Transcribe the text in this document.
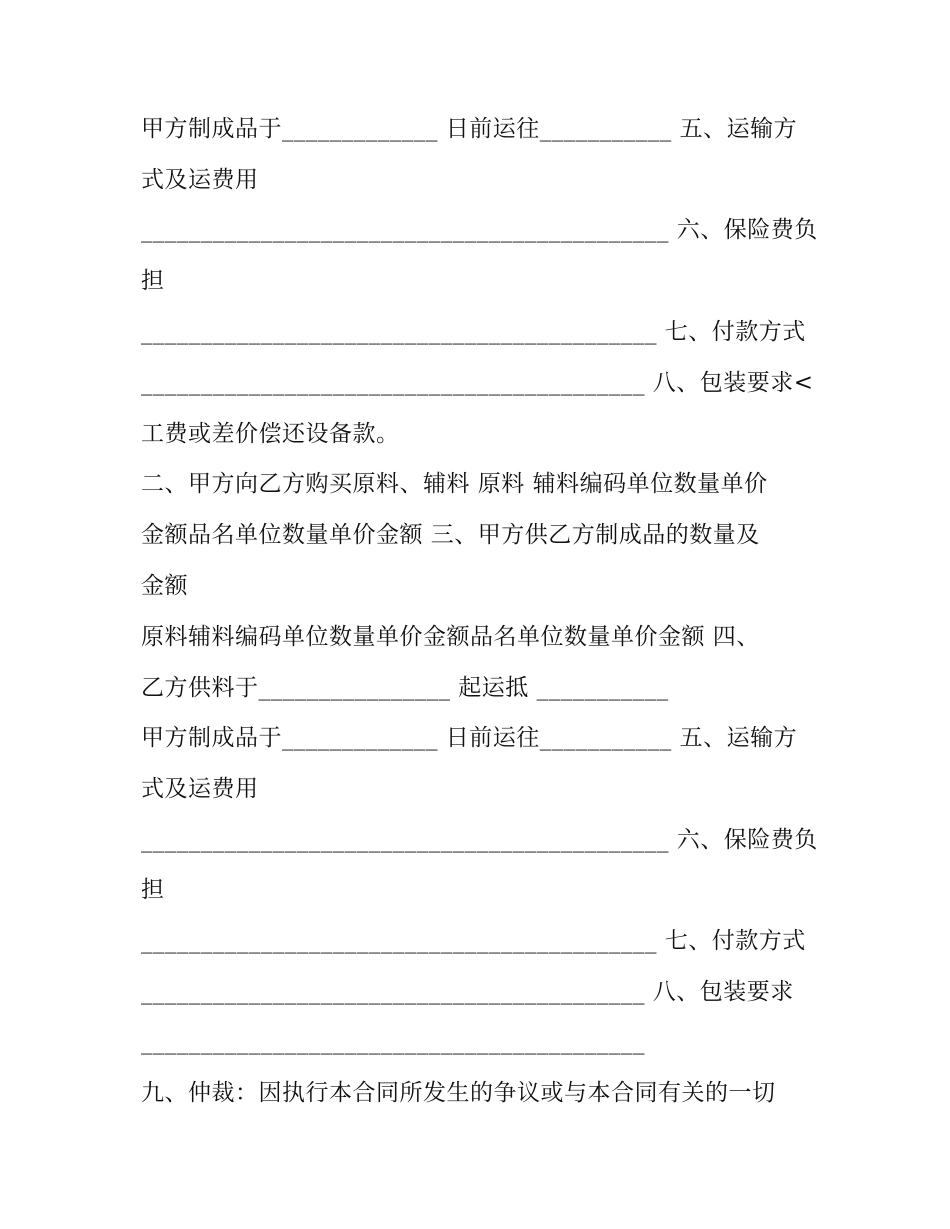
甲方制成品于_____________ 日前运往___________ 五、运输方
式及运费用
____________________________________________ 六、保险费负
担
___________________________________________ 七、付款方式
__________________________________________ 八、包装要求<
工费或差价偿还设备款。
二、甲方向乙方购买原料、辅料 原料 辅料编码单位数量单价
金额品名单位数量单价金额 三、甲方供乙方制成品的数量及
金额
原料辅料编码单位数量单价金额品名单位数量单价金额 四、
乙方供料于________________ 起运抵 ___________
甲方制成品于_____________ 日前运往___________ 五、运输方
式及运费用
____________________________________________ 六、保险费负
担
___________________________________________ 七、付款方式
__________________________________________ 八、包装要求
__________________________________________
九、仲裁：因执行本合同所发生的争议或与本合同有关的一切
